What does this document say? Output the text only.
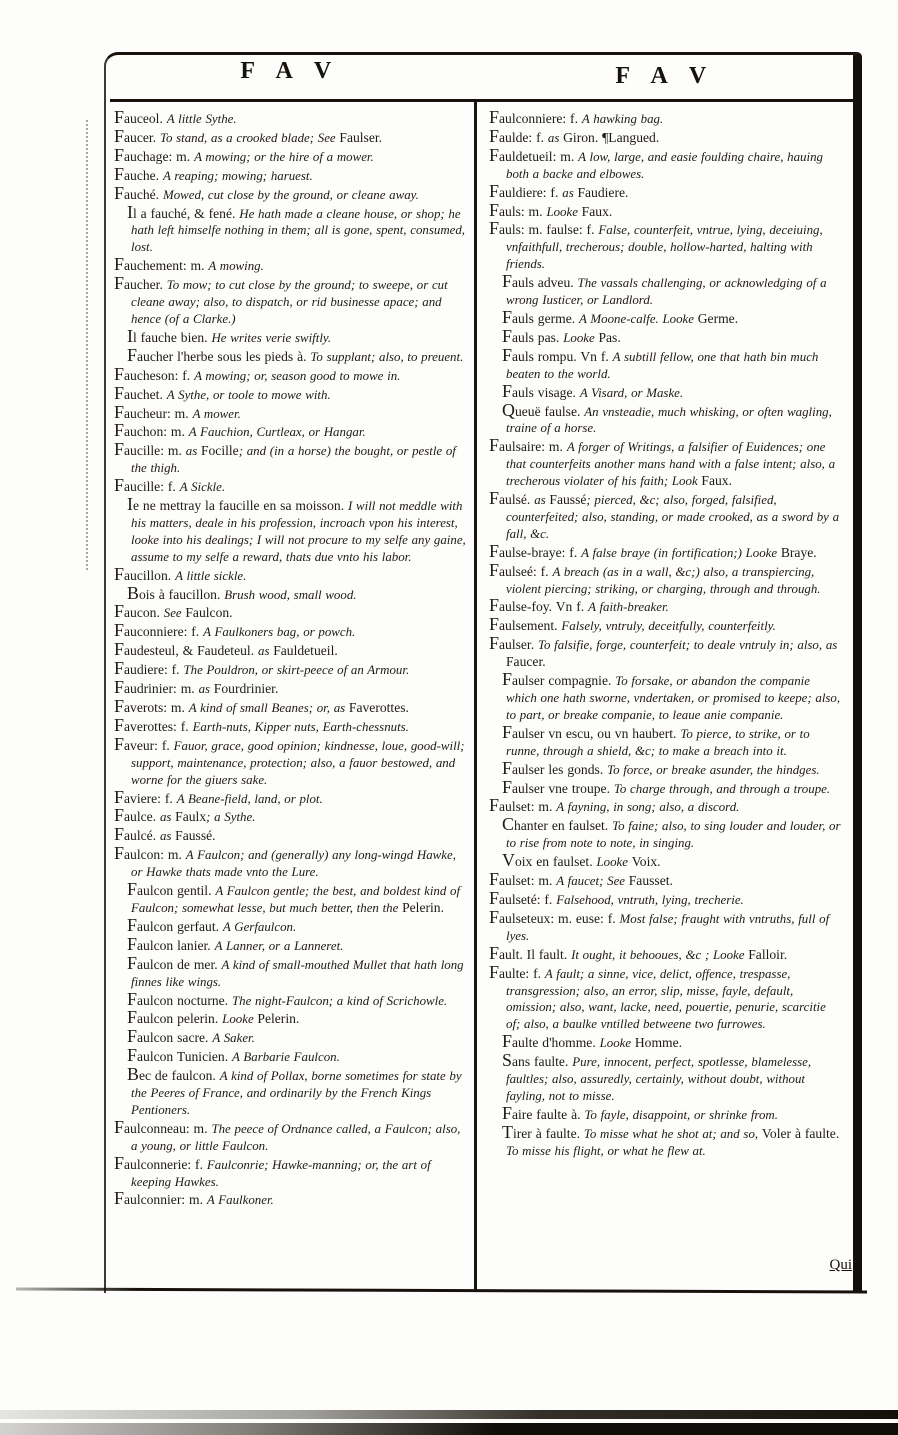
F A V	F A V

Fauceol. A little Sythe.

Faucer. To stand, as a crooked blade; See Faulser.

Fauchage: m. A mowing; or the hire of a mower.

Fauche. A reaping; mowing; haruest.

Fauché. Mowed, cut close by the ground, or cleane away.

Il a fauché, & fené. He hath made a cleane house, or shop; he hath left himselfe nothing in them; all is gone, spent, consumed, lost.

Fauchement: m. A mowing.

Faucher. To mow; to cut close by the ground; to sweepe, or cut cleane away; also, to dispatch, or rid businesse apace; and hence (of a Clarke.)

Il fauche bien. He writes verie swiftly.

Faucher l'herbe sous les pieds à. To supplant; also, to preuent.

Faucheson: f. A mowing; or, season good to mowe in.

Fauchet. A Sythe, or toole to mowe with.

Faucheur: m. A mower.

Fauchon: m. A Fauchion, Curtleax, or Hangar.

Faucille: m. as Focille; and (in a horse) the bought, or pestle of the thigh.

Faucille: f. A Sickle.

Ie ne mettray la faucille en sa moisson. I will not meddle with his matters, deale in his profession, incroach vpon his interest, looke into his dealings; I will not procure to my selfe any gaine, assume to my selfe a reward, thats due vnto his labor.

Faucillon. A little sickle.

Bois à faucillon. Brush wood, small wood.

Faucon. See Faulcon.

Fauconniere: f. A Faulkoners bag, or powch.

Faudesteul, & Faudeteul. as Fauldetueil.

Faudiere: f. The Pouldron, or skirt-peece of an Armour.

Faudrinier: m. as Fourdrinier.

Faverots: m. A kind of small Beanes; or, as Faverottes.

Faverottes: f. Earth-nuts, Kipper nuts, Earth-chessnuts.

Faveur: f. Fauor, grace, good opinion; kindnesse, loue, good-will; support, maintenance, protection; also, a fauor bestowed, and worne for the giuers sake.

Faviere: f. A Beane-field, land, or plot.

Faulce. as Faulx; a Sythe.

Faulcé. as Faussé.

Faulcon: m. A Faulcon; and (generally) any long-wingd Hawke, or Hawke thats made vnto the Lure.

Faulcon gentil. A Faulcon gentle; the best, and boldest kind of Faulcon; somewhat lesse, but much better, then the Pelerin.

Faulcon gerfaut. A Gerfaulcon.

Faulcon lanier. A Lanner, or a Lanneret.

Faulcon de mer. A kind of small-mouthed Mullet that hath long finnes like wings.

Faulcon nocturne. The night-Faulcon; a kind of Scrichowle.

Faulcon pelerin. Looke Pelerin.

Faulcon sacre. A Saker.

Faulcon Tunicien. A Barbarie Faulcon.

Bec de faulcon. A kind of Pollax, borne sometimes for state by the Peeres of France, and ordinarily by the French Kings Pentioners.

Faulconneau: m. The peece of Ordnance called, a Faulcon; also, a young, or little Faulcon.

Faulconnerie: f. Faulconrie; Hawke-manning; or, the art of keeping Hawkes.

Faulconnier: m. A Faulkoner.

Faulconniere: f. A hawking bag.

Faulde: f. as Giron. ¶Langued.

Fauldetueil: m. A low, large, and easie foulding chaire, hauing both a backe and elbowes.

Fauldiere: f. as Faudiere.

Fauls: m. Looke Faux.

Fauls: m. faulse: f. False, counterfeit, vntrue, lying, deceiuing, vnfaithfull, trecherous; double, hollow-harted, halting with friends.

Fauls adveu. The vassals challenging, or acknowledging of a wrong Iusticer, or Landlord.

Fauls germe. A Moone-calfe. Looke Germe.

Fauls pas. Looke Pas.

Fauls rompu. Vn f. A subtill fellow, one that hath bin much beaten to the world.

Fauls visage. A Visard, or Maske.

Queuë faulse. An vnsteadie, much whisking, or often wagling, traine of a horse.

Faulsaire: m. A forger of Writings, a falsifier of Euidences; one that counterfeits another mans hand with a false intent; also, a trecherous violater of his faith; Look Faux.

Faulsé. as Faussé; pierced, &c; also, forged, falsified, counterfeited; also, standing, or made crooked, as a sword by a fall, &c.

Faulse-braye: f. A false braye (in fortification;) Looke Braye.

Faulseé: f. A breach (as in a wall, &c;) also, a transpiercing, violent piercing; striking, or charging, through and through.

Faulse-foy. Vn f. A faith-breaker.

Faulsement. Falsely, vntruly, deceitfully, counterfeitly.

Faulser. To falsifie, forge, counterfeit; to deale vntruly in; also, as Faucer.

Faulser compagnie. To forsake, or abandon the companie which one hath sworne, vndertaken, or promised to keepe; also, to part, or breake companie, to leaue anie companie.

Faulser vn escu, ou vn haubert. To pierce, to strike, or to runne, through a shield, &c; to make a breach into it.

Faulser les gonds. To force, or breake asunder, the hindges.

Faulser vne troupe. To charge through, and through a troupe.

Faulset: m. A fayning, in song; also, a discord.

Chanter en faulset. To faine; also, to sing louder and louder, or to rise from note to note, in singing.

Voix en faulset. Looke Voix.

Faulset: m. A faucet; See Fausset.

Faulseté: f. Falsehood, vntruth, lying, trecherie.

Faulseteux: m. euse: f. Most false; fraught with vntruths, full of lyes.

Fault. Il fault. It ought, it behooues, &c ; Looke Falloir.

Faulte: f. A fault; a sinne, vice, delict, offence, trespasse, transgression; also, an error, slip, misse, fayle, default, omission; also, want, lacke, need, pouertie, penurie, scarcitie of; also, a baulke vntilled betweene two furrowes.

Faulte d'homme. Looke Homme.

Sans faulte. Pure, innocent, perfect, spotlesse, blamelesse, faultles; also, assuredly, certainly, without doubt, without fayling, not to misse.

Faire faulte à. To fayle, disappoint, or shrinke from.

Tirer à faulte. To misse what he shot at; and so, Voler à faulte. To misse his flight, or what he flew at.

Qui
